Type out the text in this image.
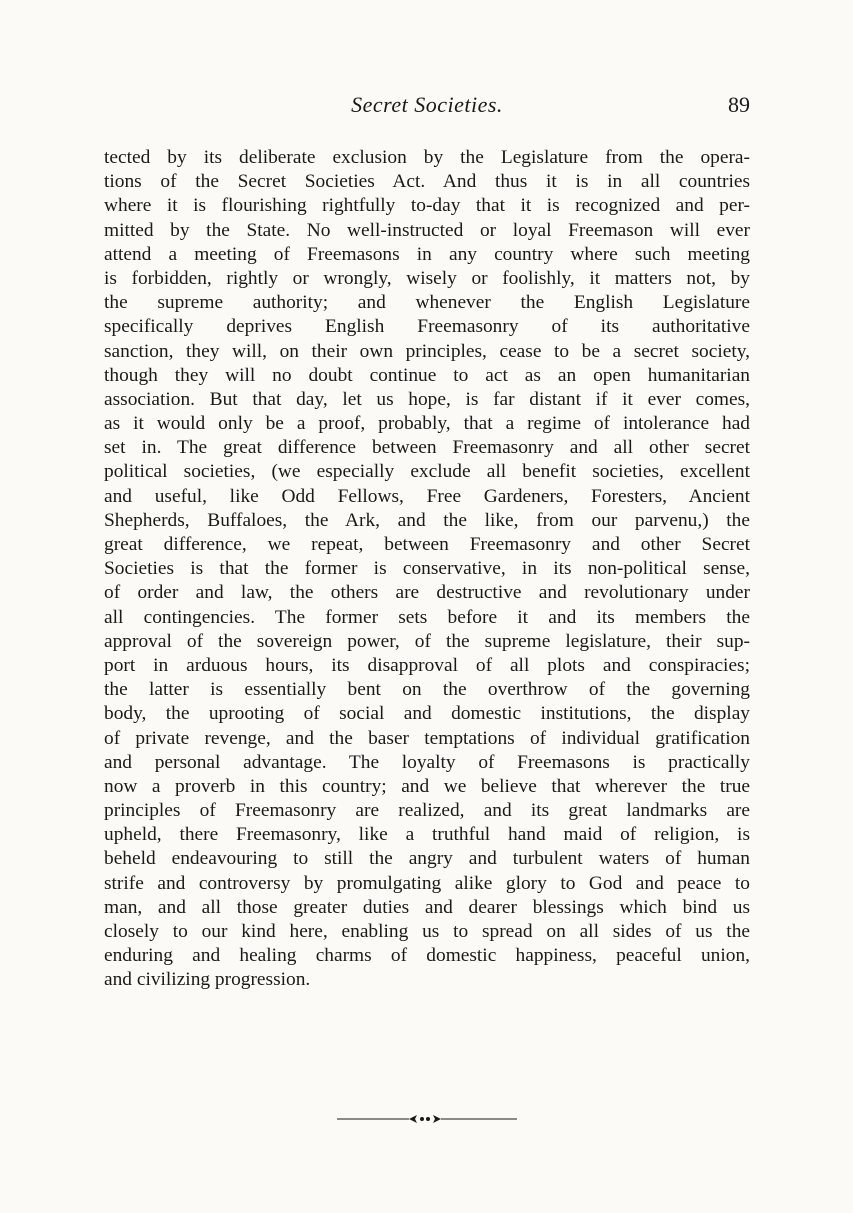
Secret Societies.	89
tected by its deliberate exclusion by the Legislature from the opera-
tions of the Secret Societies Act. And thus it is in all countries
where it is flourishing rightfully to-day that it is recognized and per-
mitted by the State. No well-instructed or loyal Freemason will ever
attend a meeting of Freemasons in any country where such meeting
is forbidden, rightly or wrongly, wisely or foolishly, it matters not, by
the supreme authority; and whenever the English Legislature
specifically deprives English Freemasonry of its authoritative
sanction, they will, on their own principles, cease to be a secret society,
though they will no doubt continue to act as an open humanitarian
association. But that day, let us hope, is far distant if it ever comes,
as it would only be a proof, probably, that a regime of intolerance had
set in. The great difference between Freemasonry and all other secret
political societies, (we especially exclude all benefit societies, excellent
and useful, like Odd Fellows, Free Gardeners, Foresters, Ancient
Shepherds, Buffaloes, the Ark, and the like, from our parvenu,) the
great difference, we repeat, between Freemasonry and other Secret
Societies is that the former is conservative, in its non-political sense,
of order and law, the others are destructive and revolutionary under
all contingencies. The former sets before it and its members the
approval of the sovereign power, of the supreme legislature, their sup-
port in arduous hours, its disapproval of all plots and conspiracies;
the latter is essentially bent on the overthrow of the governing
body, the uprooting of social and domestic institutions, the display
of private revenge, and the baser temptations of individual gratification
and personal advantage. The loyalty of Freemasons is practically
now a proverb in this country; and we believe that wherever the true
principles of Freemasonry are realized, and its great landmarks are
upheld, there Freemasonry, like a truthful hand maid of religion, is
beheld endeavouring to still the angry and turbulent waters of human
strife and controversy by promulgating alike glory to God and peace to
man, and all those greater duties and dearer blessings which bind us
closely to our kind here, enabling us to spread on all sides of us the
enduring and healing charms of domestic happiness, peaceful union,
and civilizing progression.
